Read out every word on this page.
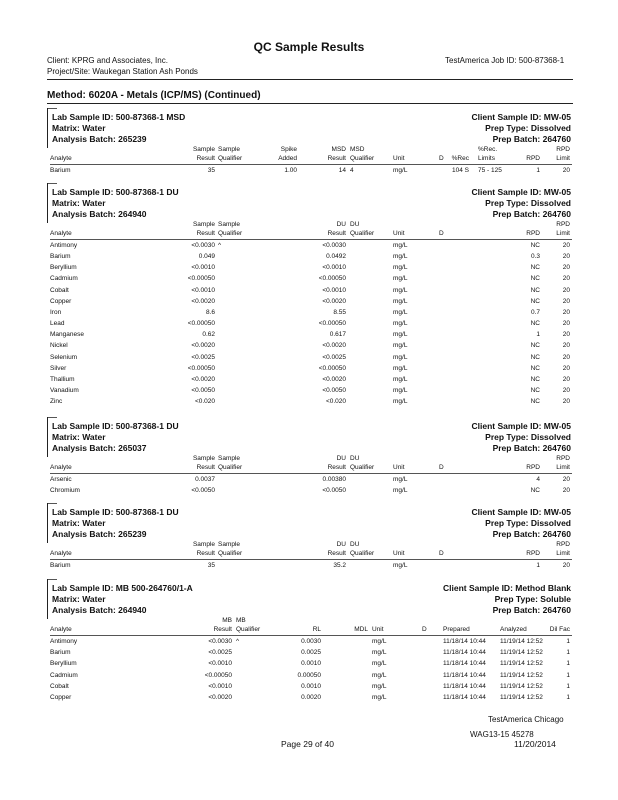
QC Sample Results
Client: KPRG and Associates, Inc.
Project/Site: Waukegan Station Ash Ponds
TestAmerica Job ID: 500-87368-1
Method: 6020A - Metals (ICP/MS) (Continued)
Lab Sample ID: 500-87368-1 MSD	Client Sample ID: MW-05
Matrix: Water	Prep Type: Dissolved
Analysis Batch: 265239	Prep Batch: 264760
Sample Sample	Spike	MSD MSD	%Rec.	RPD
Analyte	Result Qualifier	Added	Result Qualifier	Unit	D %Rec Limits	RPD	Limit
Barium	35	1.00	14 4	mg/L	104 S 75 - 125	1	20
Lab Sample ID: 500-87368-1 DU	Client Sample ID: MW-05
Matrix: Water	Prep Type: Dissolved
Analysis Batch: 264940	Prep Batch: 264760
Sample Sample	DU DU	RPD
Analyte	Result Qualifier	Result Qualifier	Unit	D	RPD	Limit
Antimony	<0.0030 ^	<0.0030	mg/L	NC	20
Barium	0.049	0.0492	mg/L	0.3	20
Beryllium	<0.0010	<0.0010	mg/L	NC	20
Cadmium	<0.00050	<0.00050	mg/L	NC	20
Cobalt	<0.0010	<0.0010	mg/L	NC	20
Copper	<0.0020	<0.0020	mg/L	NC	20
Iron	8.6	8.55	mg/L	0.7	20
Lead	<0.00050	<0.00050	mg/L	NC	20
Manganese	0.62	0.617	mg/L	1	20
Nickel	<0.0020	<0.0020	mg/L	NC	20
Selenium	<0.0025	<0.0025	mg/L	NC	20
Silver	<0.00050	<0.00050	mg/L	NC	20
Thallium	<0.0020	<0.0020	mg/L	NC	20
Vanadium	<0.0050	<0.0050	mg/L	NC	20
Zinc	<0.020	<0.020	mg/L	NC	20
Lab Sample ID: 500-87368-1 DU	Client Sample ID: MW-05
Matrix: Water	Prep Type: Dissolved
Analysis Batch: 265037	Prep Batch: 264760
Sample Sample	DU DU	RPD
Analyte	Result Qualifier	Result Qualifier	Unit	D	RPD	Limit
Arsenic	0.0037	0.00380	mg/L	4	20
Chromium	<0.0050	<0.0050	mg/L	NC	20
Lab Sample ID: 500-87368-1 DU	Client Sample ID: MW-05
Matrix: Water	Prep Type: Dissolved
Analysis Batch: 265239	Prep Batch: 264760
Sample Sample	DU DU	RPD
Analyte	Result Qualifier	Result Qualifier	Unit	D	RPD	Limit
Barium	35	35.2	mg/L	1	20
Lab Sample ID: MB 500-264760/1-A	Client Sample ID: Method Blank
Matrix: Water	Prep Type: Soluble
Analysis Batch: 264940	Prep Batch: 264760
MB MB
Analyte	Result Qualifier	RL	MDL Unit	D	Prepared	Analyzed	Dil Fac
Antimony	<0.0030 ^	0.0030	mg/L	11/18/14 10:44 11/19/14 12:52	1
Barium	<0.0025	0.0025	mg/L	11/18/14 10:44 11/19/14 12:52	1
Beryllium	<0.0010	0.0010	mg/L	11/18/14 10:44 11/19/14 12:52	1
Cadmium	<0.00050	0.00050	mg/L	11/18/14 10:44 11/19/14 12:52	1
Cobalt	<0.0010	0.0010	mg/L	11/18/14 10:44 11/19/14 12:52	1
Copper	<0.0020	0.0020	mg/L	11/18/14 10:44 11/19/14 12:52	1
TestAmerica Chicago
WAG13-15 45278
Page 29 of 40	11/20/2014
